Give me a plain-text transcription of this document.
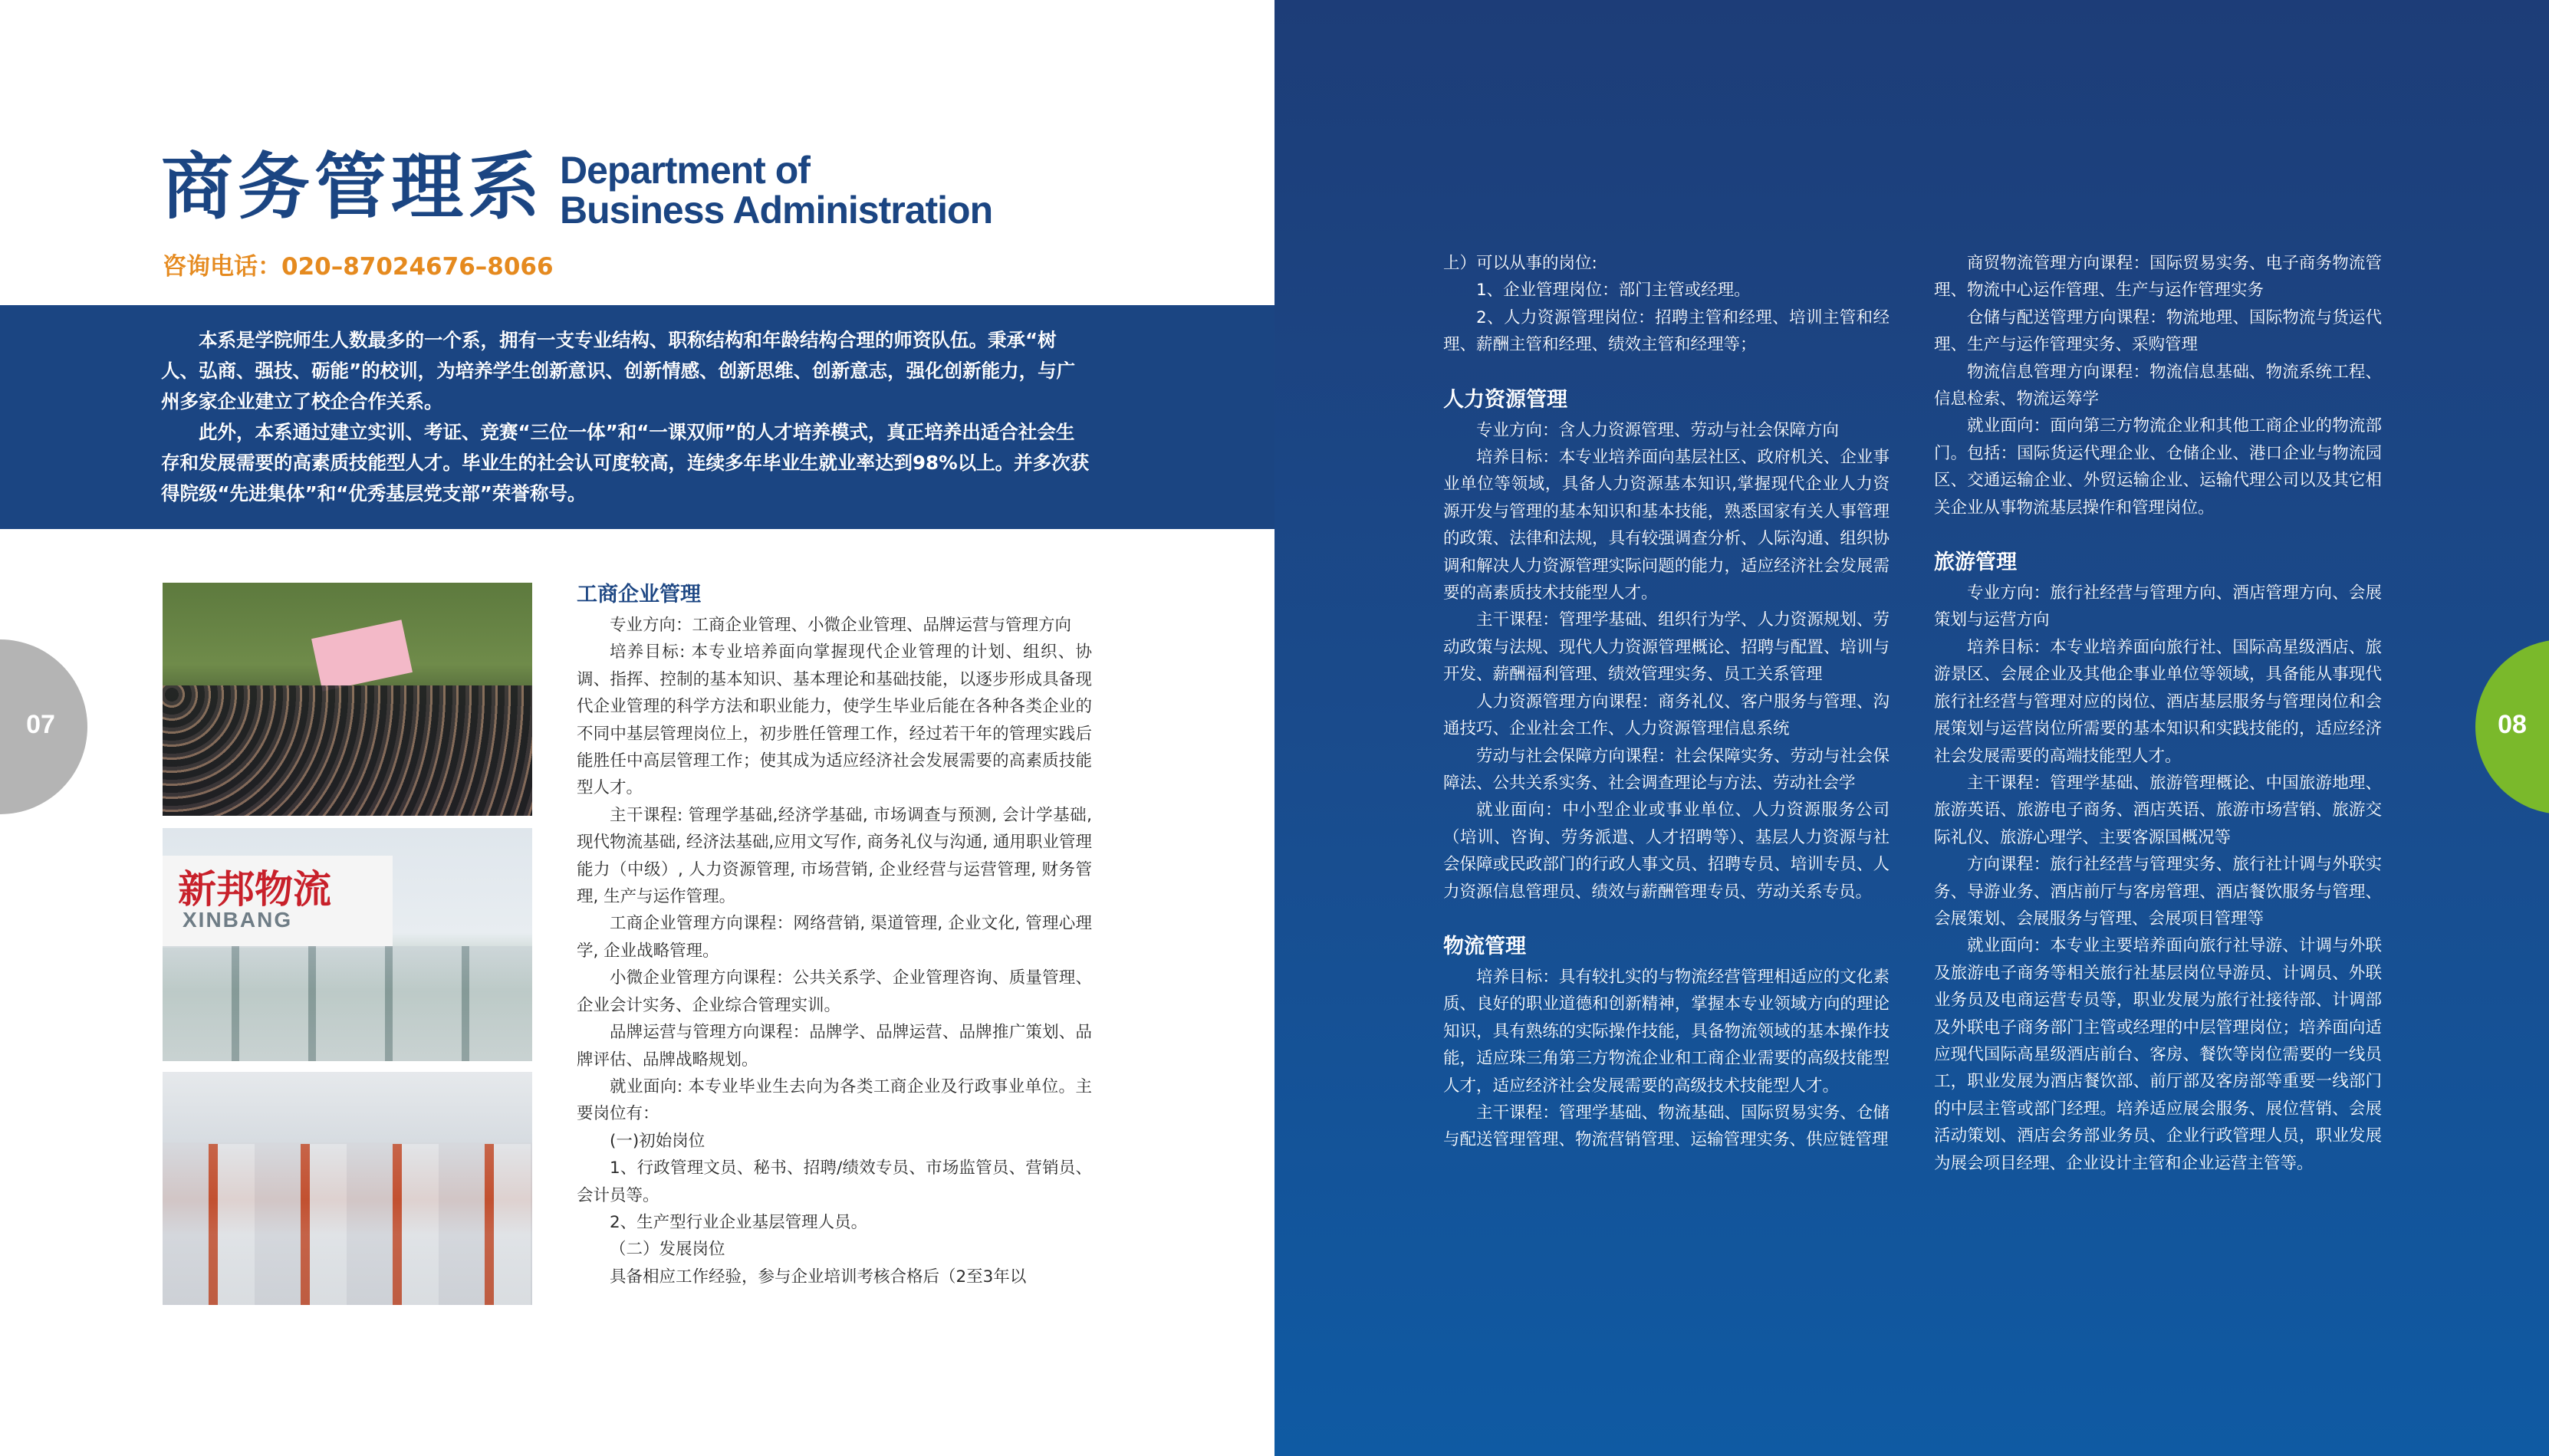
商务管理系 Department of
Business Administration
咨询电话：020–87024676–8066

本系是学院师生人数最多的一个系，拥有一支专业结构、职称结构和年龄结构合理的师资队伍。秉承“树人、弘商、强技、砺能”的校训，为培养学生创新意识、创新情感、创新思维、创新意志，强化创新能力，与广州多家企业建立了校企合作关系。

此外，本系通过建立实训、考证、竞赛“三位一体”和“一课双师”的人才培养模式，真正培养出适合社会生存和发展需要的高素质技能型人才。毕业生的社会认可度较高，连续多年毕业生就业率达到98%以上。并多次获得院级“先进集体”和“优秀基层党支部”荣誉称号。

新邦物流
XINBANG
工商企业管理

专业方向：工商企业管理、小微企业管理、品牌运营与管理方向

培养目标: 本专业培养面向掌握现代企业管理的计划、组织、协调、指挥、控制的基本知识、基本理论和基础技能，以逐步形成具备现代企业管理的科学方法和职业能力，使学生毕业后能在各种各类企业的不同中基层管理岗位上，初步胜任管理工作，经过若干年的管理实践后能胜任中高层管理工作；使其成为适应经济社会发展需要的高素质技能型人才。

主干课程: 管理学基础,经济学基础, 市场调查与预测, 会计学基础, 现代物流基础, 经济法基础,应用文写作, 商务礼仪与沟通, 通用职业管理能力（中级）, 人力资源管理, 市场营销, 企业经营与运营管理, 财务管理, 生产与运作管理。

工商企业管理方向课程：网络营销, 渠道管理, 企业文化, 管理心理学, 企业战略管理。

小微企业管理方向课程：公共关系学、企业管理咨询、质量管理、企业会计实务、企业综合管理实训。

品牌运营与管理方向课程：品牌学、品牌运营、品牌推广策划、品牌评估、品牌战略规划。

就业面向: 本专业毕业生去向为各类工商企业及行政事业单位。主要岗位有：

(一)初始岗位

1、行政管理文员、秘书、招聘/绩效专员、市场监管员、营销员、会计员等。

2、生产型行业企业基层管理人员。

（二）发展岗位

具备相应工作经验，参与企业培训考核合格后（2至3年以

07

上）可以从事的岗位:

1、企业管理岗位：部门主管或经理。

2、人力资源管理岗位：招聘主管和经理、培训主管和经理、薪酬主管和经理、绩效主管和经理等；

人力资源管理

专业方向：含人力资源管理、劳动与社会保障方向

培养目标：本专业培养面向基层社区、政府机关、企业事业单位等领域，具备人力资源基本知识,掌握现代企业人力资源开发与管理的基本知识和基本技能，熟悉国家有关人事管理的政策、法律和法规，具有较强调查分析、人际沟通、组织协调和解决人力资源管理实际问题的能力，适应经济社会发展需要的高素质技术技能型人才。

主干课程：管理学基础、组织行为学、人力资源规划、劳动政策与法规、现代人力资源管理概论、招聘与配置、培训与开发、薪酬福利管理、绩效管理实务、员工关系管理

人力资源管理方向课程：商务礼仪、客户服务与管理、沟通技巧、企业社会工作、人力资源管理信息系统

劳动与社会保障方向课程：社会保障实务、劳动与社会保障法、公共关系实务、社会调查理论与方法、劳动社会学

就业面向：中小型企业或事业单位、人力资源服务公司（培训、咨询、劳务派遣、人才招聘等）、基层人力资源与社会保障或民政部门的行政人事文员、招聘专员、培训专员、人力资源信息管理员、绩效与薪酬管理专员、劳动关系专员。

物流管理

培养目标：具有较扎实的与物流经营管理相适应的文化素质、良好的职业道德和创新精神，掌握本专业领域方向的理论知识，具有熟练的实际操作技能，具备物流领域的基本操作技能，适应珠三角第三方物流企业和工商企业需要的高级技能型人才，适应经济社会发展需要的高级技术技能型人才。

主干课程：管理学基础、物流基础、国际贸易实务、仓储与配送管理管理、物流营销管理、运输管理实务、供应链管理

商贸物流管理方向课程：国际贸易实务、电子商务物流管理、物流中心运作管理、生产与运作管理实务

仓储与配送管理方向课程：物流地理、国际物流与货运代理、生产与运作管理实务、采购管理

物流信息管理方向课程：物流信息基础、物流系统工程、信息检索、物流运筹学

就业面向：面向第三方物流企业和其他工商企业的物流部门。包括：国际货运代理企业、仓储企业、港口企业与物流园区、交通运输企业、外贸运输企业、运输代理公司以及其它相关企业从事物流基层操作和管理岗位。

旅游管理

专业方向：旅行社经营与管理方向、酒店管理方向、会展策划与运营方向

培养目标：本专业培养面向旅行社、国际高星级酒店、旅游景区、会展企业及其他企事业单位等领域，具备能从事现代旅行社经营与管理对应的岗位、酒店基层服务与管理岗位和会展策划与运营岗位所需要的基本知识和实践技能的，适应经济社会发展需要的高端技能型人才。

主干课程：管理学基础、旅游管理概论、中国旅游地理、旅游英语、旅游电子商务、酒店英语、旅游市场营销、旅游交际礼仪、旅游心理学、主要客源国概况等

方向课程：旅行社经营与管理实务、旅行社计调与外联实务、导游业务、酒店前厅与客房管理、酒店餐饮服务与管理、会展策划、会展服务与管理、会展项目管理等

就业面向：本专业主要培养面向旅行社导游、计调与外联及旅游电子商务等相关旅行社基层岗位导游员、计调员、外联业务员及电商运营专员等，职业发展为旅行社接待部、计调部及外联电子商务部门主管或经理的中层管理岗位；培养面向适应现代国际高星级酒店前台、客房、餐饮等岗位需要的一线员工，职业发展为酒店餐饮部、前厅部及客房部等重要一线部门的中层主管或部门经理。培养适应展会服务、展位营销、会展活动策划、酒店会务部业务员、企业行政管理人员，职业发展为展会项目经理、企业设计主管和企业运营主管等。

08
